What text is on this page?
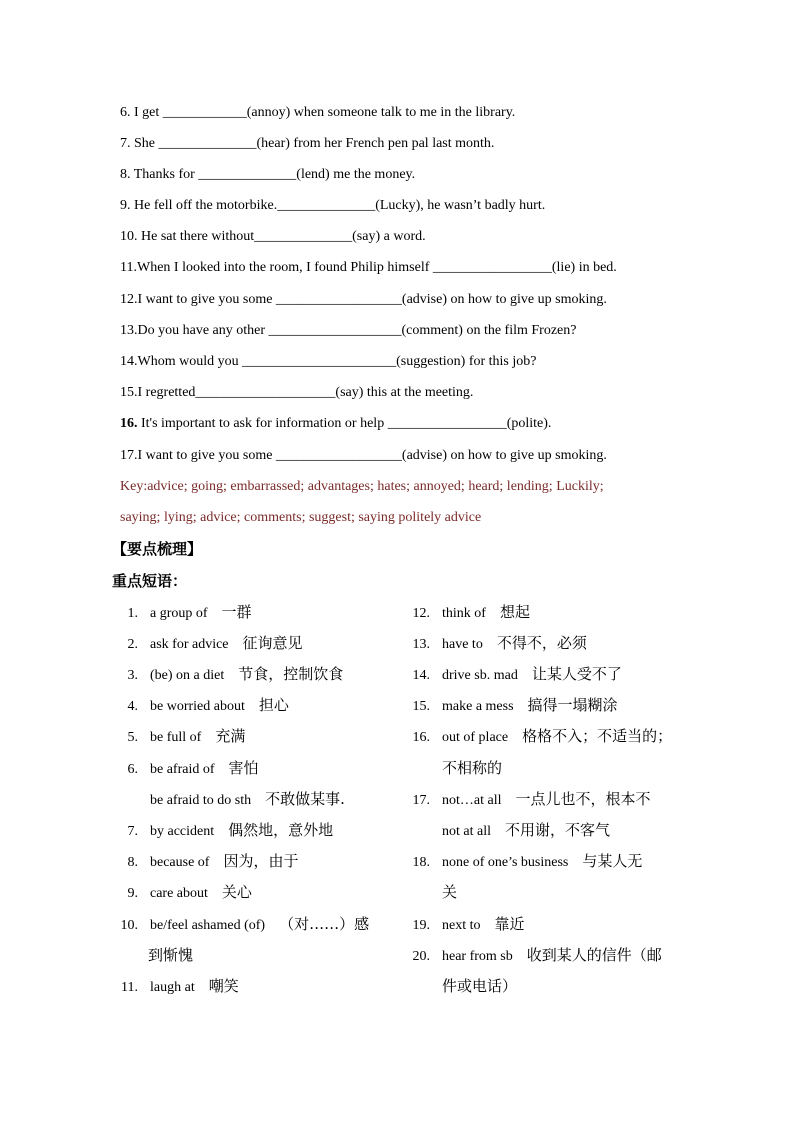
6. I get ____________(annoy) when someone talk to me in the library.
7. She ______________(hear) from her French pen pal last month.
8. Thanks for ______________(lend) me the money.
9. He fell off the motorbike.______________(Lucky), he wasn’t badly hurt.
10. He sat there without______________(say) a word.
11.When I looked into the room, I found Philip himself _________________(lie) in bed.
12.I want to give you some __________________(advise) on how to give up smoking.
13.Do you have any other ___________________(comment) on the film Frozen?
14.Whom would you ______________________(suggestion) for this job?
15.I regretted____________________(say) this at the meeting.
16. It's important to ask for information or help _________________(polite).
17.I want to give you some __________________(advise) on how to give up smoking.
Key:advice; going; embarrassed; advantages; hates; annoyed; heard; lending; Luckily;
saying; lying; advice; comments; suggest; saying politely advice
【要点梳理】
重点短语：
1. a group of 一群
2. ask for advice 征询意见
3. (be) on a diet 节食，控制饮食
4. be worried about 担心
5. be full of 充满
6. be afraid of 害怕
be afraid to do sth 不敢做某事.
7. by accident 偶然地，意外地
8. because of 因为，由于
9. care about 关心
10. be/feel ashamed (of) （对……）感
到惭愧
11. laugh at 嘲笑
12. think of 想起
13. have to 不得不，必须
14. drive sb. mad 让某人受不了
15. make a mess 搞得一塌糊涂
16. out of place 格格不入；不适当的；
不相称的
17. not…at all 一点儿也不，根本不
not at all 不用谢，不客气
18. none of one’s business 与某人无
关
19. next to 靠近
20. hear from sb 收到某人的信件（邮
件或电话）
